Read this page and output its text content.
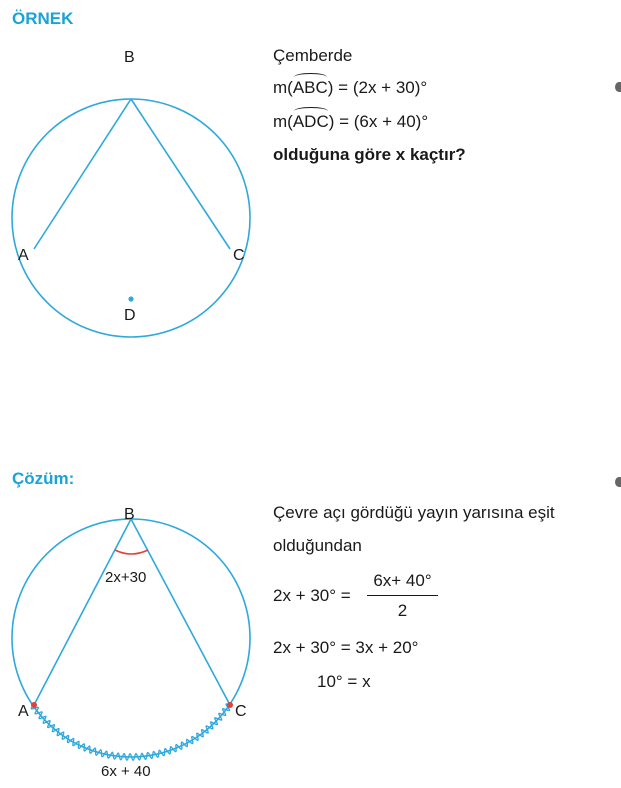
ÖRNEK
B
A	C
D
Çemberde
m(ABC) = (2x + 30)°
m(ADC) = (6x + 40)°
olduğuna göre x kaçtır?
Çözüm:
B
A	C
2x+30
6x + 40
Çevre açı gördüğü yayın yarısına eşit
olduğundan
2x + 30° =
6x+ 40°
2
2x + 30° = 3x + 20°
10° = x
